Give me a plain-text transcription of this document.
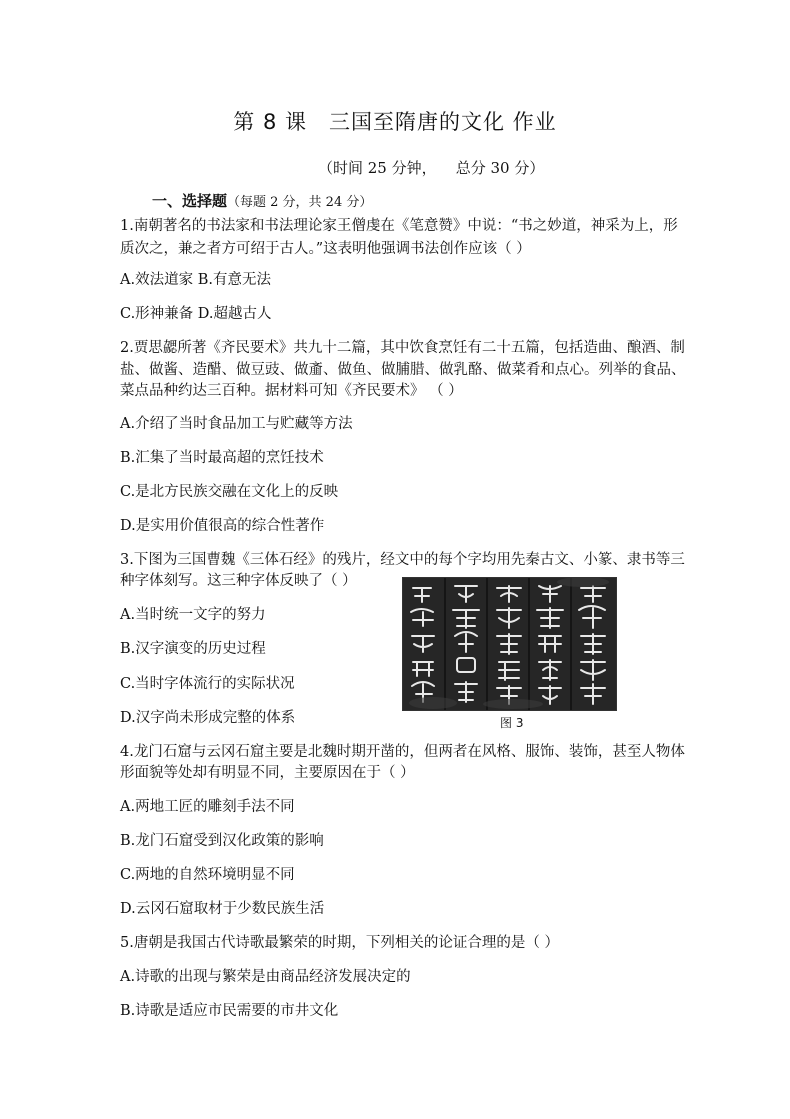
第 8 课　三国至隋唐的文化 作业
（时间 25 分钟，    总分 30 分）
一、选择题（每题 2 分，共 24 分）
1.南朝著名的书法家和书法理论家王僧虔在《笔意赞》中说：“书之妙道，神采为上，形
质次之，兼之者方可绍于古人。”这表明他强调书法创作应该（ ）
A.效法道家 B.有意无法
C.形神兼备 D.超越古人
2.贾思勰所著《齐民要术》共九十二篇，其中饮食烹饪有二十五篇，包括造曲、酿酒、制
盐、做酱、造醋、做豆豉、做齑、做鱼、做脯腊、做乳酪、做菜肴和点心。列举的食品、
菜点品种约达三百种。据材料可知《齐民要术》 （ ）
A.介绍了当时食品加工与贮藏等方法
B.汇集了当时最高超的烹饪技术
C.是北方民族交融在文化上的反映
D.是实用价值很高的综合性著作
3.下图为三国曹魏《三体石经》的残片，经文中的每个字均用先秦古文、小篆、隶书等三
种字体刻写。这三种字体反映了（ ）
A.当时统一文字的努力
B.汉字演变的历史过程
C.当时字体流行的实际状况
D.汉字尚未形成完整的体系	图 3
4.龙门石窟与云冈石窟主要是北魏时期开凿的，但两者在风格、服饰、装饰，甚至人物体
形面貌等处却有明显不同，主要原因在于（ ）
A.两地工匠的雕刻手法不同
B.龙门石窟受到汉化政策的影响
C.两地的自然环境明显不同
D.云冈石窟取材于少数民族生活
5.唐朝是我国古代诗歌最繁荣的时期，下列相关的论证合理的是（ ）
A.诗歌的出现与繁荣是由商品经济发展决定的
B.诗歌是适应市民需要的市井文化
